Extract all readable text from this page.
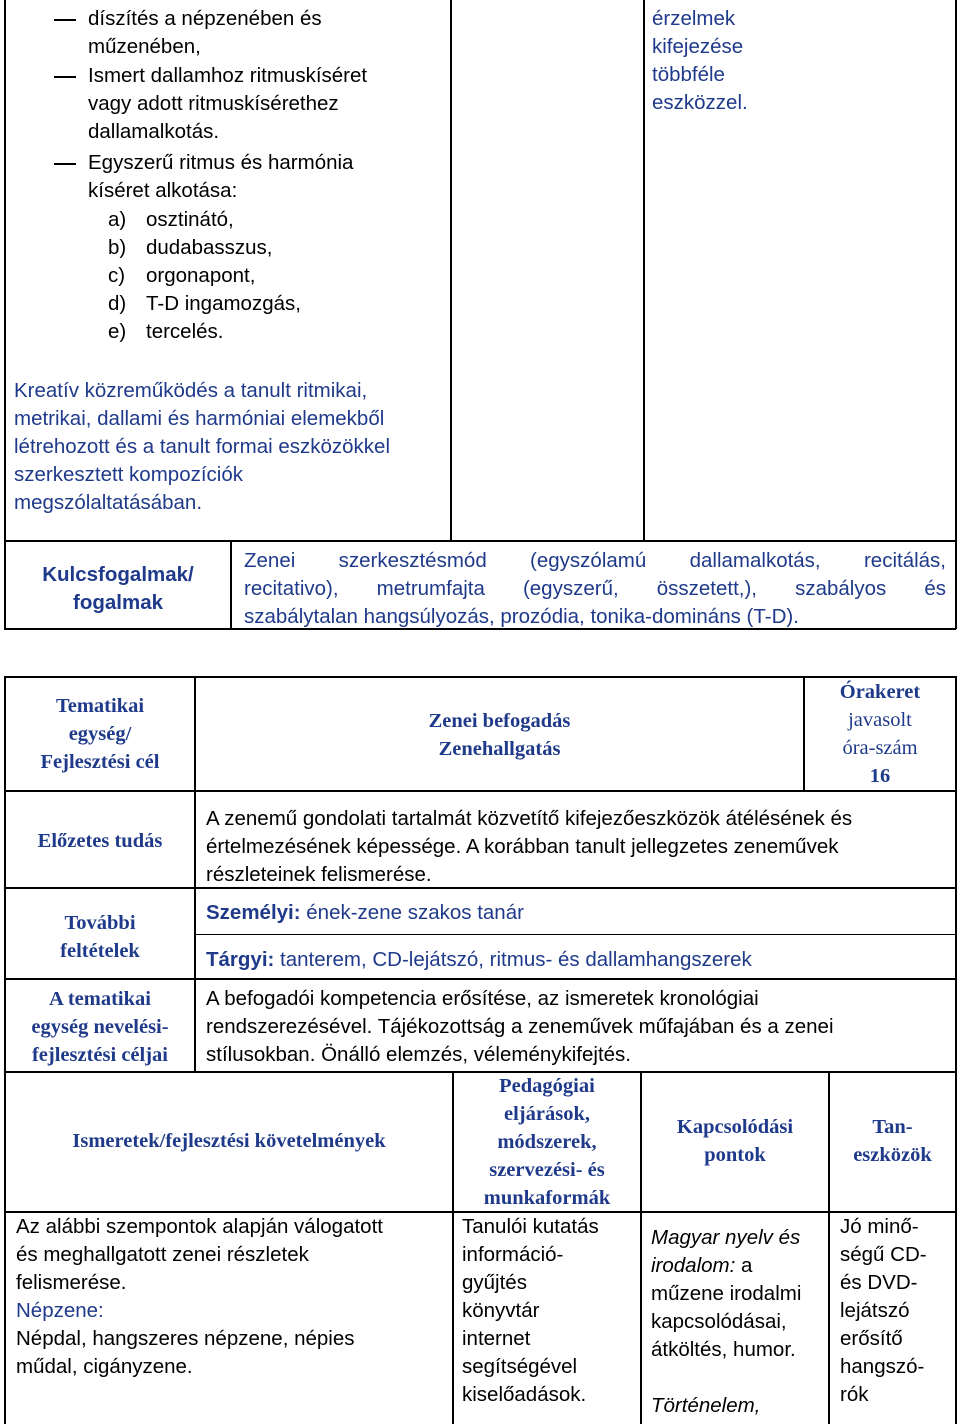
díszítés a népzenében és
műzenében,
Ismert dallamhoz ritmuskíséret
vagy adott ritmuskísérethez
dallamalkotás.
Egyszerű ritmus és harmónia
kíséret alkotása:
a) osztinátó,
b) dudabasszus,
c) orgonapont,
d) T-D ingamozgás,
e) tercelés.
Kreatív közreműködés a tanult ritmikai,
metrikai, dallami és harmóniai elemekből
létrehozott és a tanult formai eszközökkel
szerkesztett kompozíciók
megszólaltatásában.
érzelmek
kifejezése
többféle
eszközzel.
Kulcsfogalmak/
fogalmak
Zenei szerkesztésmód (egyszólamú dallamalkotás, recitálás,
recitativo), metrumfajta (egyszerű, összetett,), szabályos és
szabálytalan hangsúlyozás, prozódia, tonika-domináns (T-D).
Tematikai
egység/
Fejlesztési cél
Zenei befogadás
Zenehallgatás
Órakeret
javasolt
óra-szám
16
Előzetes tudás
A zenemű gondolati tartalmát közvetítő kifejezőeszközök átélésének és
értelmezésének képessége. A korábban tanult jellegzetes zeneművek
részleteinek felismerése.
További
feltételek
Személyi: ének-zene szakos tanár
Tárgyi: tanterem, CD-lejátszó, ritmus- és dallamhangszerek
A tematikai
egység nevelési-
fejlesztési céljai
A befogadói kompetencia erősítése, az ismeretek kronológiai
rendszerezésével. Tájékozottság a zeneművek műfajában és a zenei
stílusokban. Önálló elemzés, véleménykifejtés.
Ismeretek/fejlesztési követelmények
Pedagógiai
eljárások,
módszerek,
szervezési- és
munkaformák
Kapcsolódási
pontok
Tan-
eszközök
Az alábbi szempontok alapján válogatott
és meghallgatott zenei részletek
felismerése.
Népzene:
Népdal, hangszeres népzene, népies
műdal, cigányzene.
Tanulói kutatás
információ-
gyűjtés
könyvtár
internet
segítségével
kiselőadások.
Magyar nyelv és
irodalom: a
műzene irodalmi
kapcsolódásai,
átköltés, humor.
Történelem,
Jó minő-
ségű CD-
és DVD-
lejátszó
erősítő
hangszó-
rók
